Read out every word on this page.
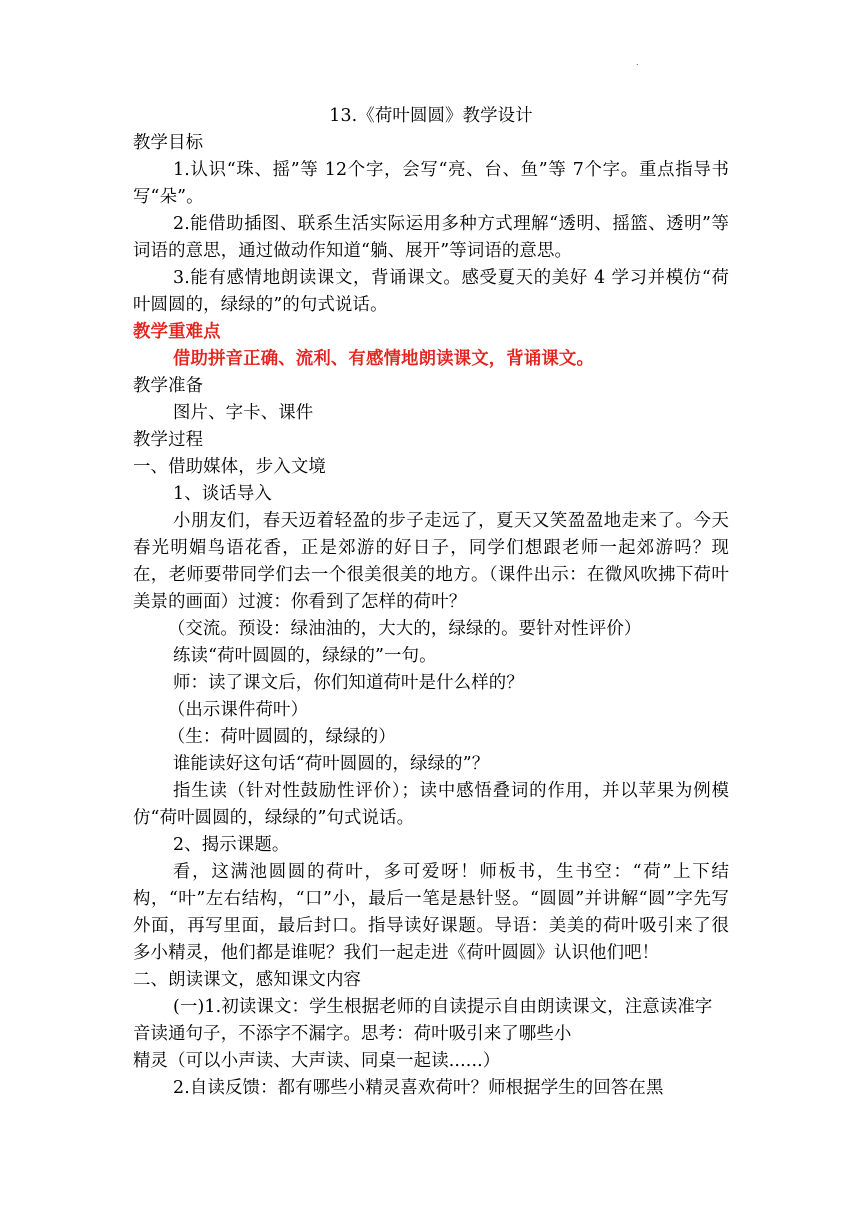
.

13.《荷叶圆圆》教学设计

教学目标

1.认识“珠、摇”等 12个字，会写“亮、台、鱼”等 7个字。重点指导书写“朵”。

2.能借助插图、联系生活实际运用多种方式理解“透明、摇篮、透明”等词语的意思，通过做动作知道“躺、展开”等词语的意思。

3.能有感情地朗读课文，背诵课文。感受夏天的美好 4 学习并模仿“荷叶圆圆的，绿绿的”的句式说话。

教学重难点

借助拼音正确、流利、有感情地朗读课文，背诵课文。

教学准备

图片、字卡、课件

教学过程

一、借助媒体，步入文境

1、谈话导入

小朋友们，春天迈着轻盈的步子走远了，夏天又笑盈盈地走来了。今天春光明媚鸟语花香，正是郊游的好日子，同学们想跟老师一起郊游吗？现在，老师要带同学们去一个很美很美的地方。（课件出示：在微风吹拂下荷叶美景的画面）过渡：你看到了怎样的荷叶？

（交流。预设：绿油油的，大大的，绿绿的。要针对性评价）

练读“荷叶圆圆的，绿绿的”一句。

师：读了课文后，你们知道荷叶是什么样的？

（出示课件荷叶）

（生：荷叶圆圆的，绿绿的）

谁能读好这句话“荷叶圆圆的，绿绿的”？

指生读（针对性鼓励性评价）；读中感悟叠词的作用，并以苹果为例模仿“荷叶圆圆的，绿绿的”句式说话。

2、揭示课题。

看，这满池圆圆的荷叶，多可爱呀！师板书，生书空：“荷”上下结构，“叶”左右结构，“口”小，最后一笔是悬针竖。“圆圆”并讲解“圆”字先写外面，再写里面，最后封口。指导读好课题。导语：美美的荷叶吸引来了很多小精灵，他们都是谁呢？我们一起走进《荷叶圆圆》认识他们吧！

二、朗读课文，感知课文内容

(一)1.初读课文：学生根据老师的自读提示自由朗读课文，注意读准字音读通句子，不添字不漏字。思考：荷叶吸引来了哪些小

精灵（可以小声读、大声读、同桌一起读......）

2.自读反馈：都有哪些小精灵喜欢荷叶？师根据学生的回答在黑
